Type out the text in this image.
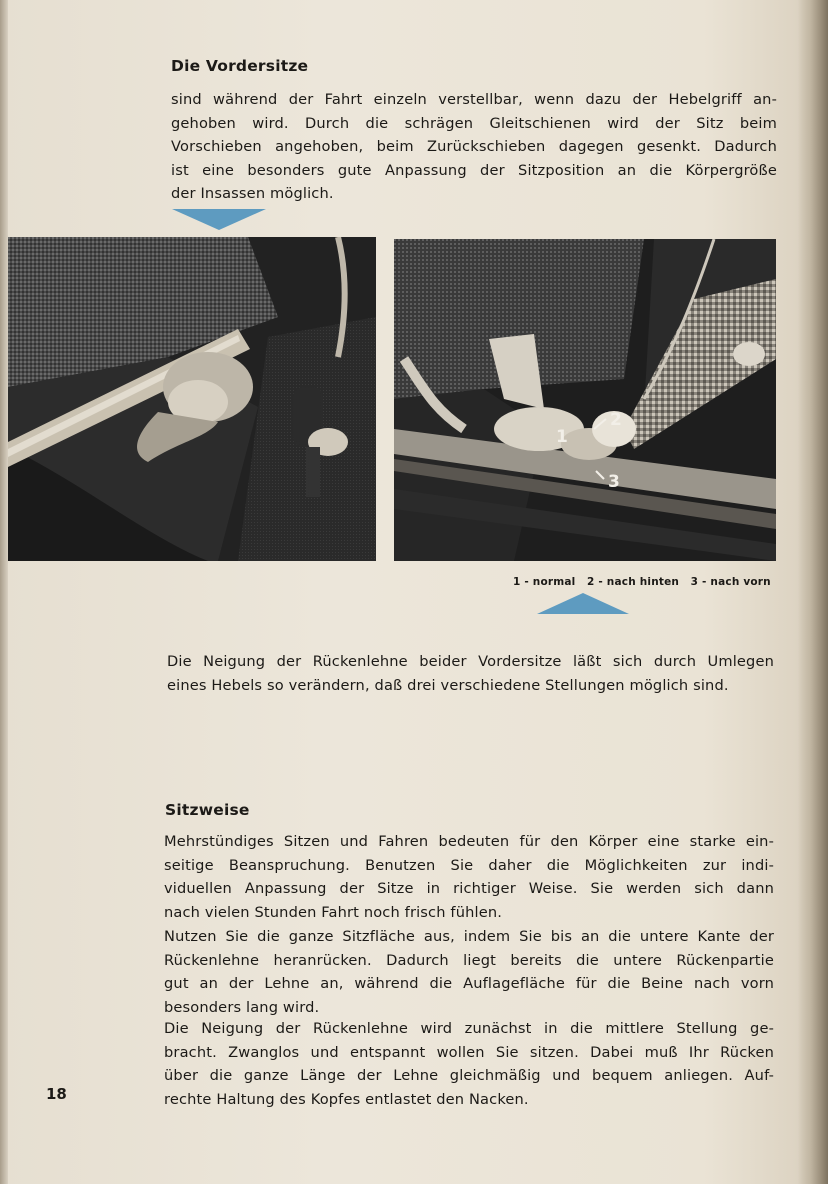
Die Vordersitze
sind während der Fahrt einzeln verstellbar, wenn dazu der Hebelgriff an-
gehoben wird. Durch die schrägen Gleitschienen wird der Sitz beim
Vorschieben angehoben, beim Zurückschieben dagegen gesenkt. Dadurch
ist eine besonders gute Anpassung der Sitzposition an die Körpergröße
der Insassen möglich.
1
2
3
1 - normal   2 - nach hinten   3 - nach vorn
Die Neigung der Rückenlehne beider Vordersitze läßt sich durch Umlegen
eines Hebels so verändern, daß drei verschiedene Stellungen möglich sind.
Sitzweise
Mehrstündiges Sitzen und Fahren bedeuten für den Körper eine starke ein-
seitige Beanspruchung. Benutzen Sie daher die Möglichkeiten zur indi-
viduellen Anpassung der Sitze in richtiger Weise. Sie werden sich dann
nach vielen Stunden Fahrt noch frisch fühlen.
Nutzen Sie die ganze Sitzfläche aus, indem Sie bis an die untere Kante der
Rückenlehne heranrücken. Dadurch liegt bereits die untere Rückenpartie
gut an der Lehne an, während die Auflagefläche für die Beine nach vorn
besonders lang wird.
Die Neigung der Rückenlehne wird zunächst in die mittlere Stellung ge-
bracht. Zwanglos und entspannt wollen Sie sitzen. Dabei muß Ihr Rücken
über die ganze Länge der Lehne gleichmäßig und bequem anliegen. Auf-
rechte Haltung des Kopfes entlastet den Nacken.
18
